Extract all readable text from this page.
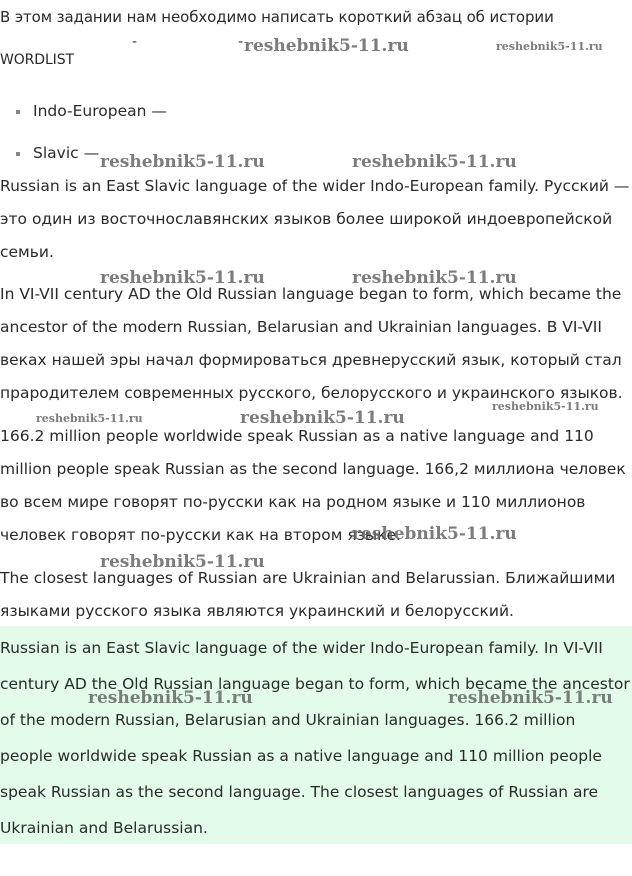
В этом задании нам необходимо написать короткий абзац об истории
-	-
WORDLIST
Indo-European —
Slavic —
Russian is an East Slavic language of the wider Indo-European family. Русский — это один из восточнославянских языков более широкой индоевропейской семьи.
In VI-VII century AD the Old Russian language began to form, which became the ancestor of the modern Russian, Belarusian and Ukrainian languages. В VI-VII веках нашей эры начал формироваться древнерусский язык, который стал прародителем современных русского, белорусского и украинского языков.
166.2 million people worldwide speak Russian as a native language and 110 million people speak Russian as the second language. 166,2 миллиона человек во всем мире говорят по-русски как на родном языке и 110 миллионов человек говорят по-русски как на втором языке.
The closest languages of Russian are Ukrainian and Belarussian. Ближайшими языками русского языка являются украинский и белорусский.
Russian is an East Slavic language of the wider Indo-European family. In VI-VII century AD the Old Russian language began to form, which became the ancestor of the modern Russian, Belarusian and Ukrainian languages. 166.2 million people worldwide speak Russian as a native language and 110 million people speak Russian as the second language. The closest languages of Russian are Ukrainian and Belarussian.
reshebnik5-11.ru	reshebnik5-11.ru
reshebnik5-11.ru	reshebnik5-11.ru
reshebnik5-11.ru	reshebnik5-11.ru
reshebnik5-11.ru	reshebnik5-11.ru
reshebnik5-11.ru
reshebnik5-11.ru
reshebnik5-11.ru
reshebnik5-11.ru	reshebnik5-11.ru
